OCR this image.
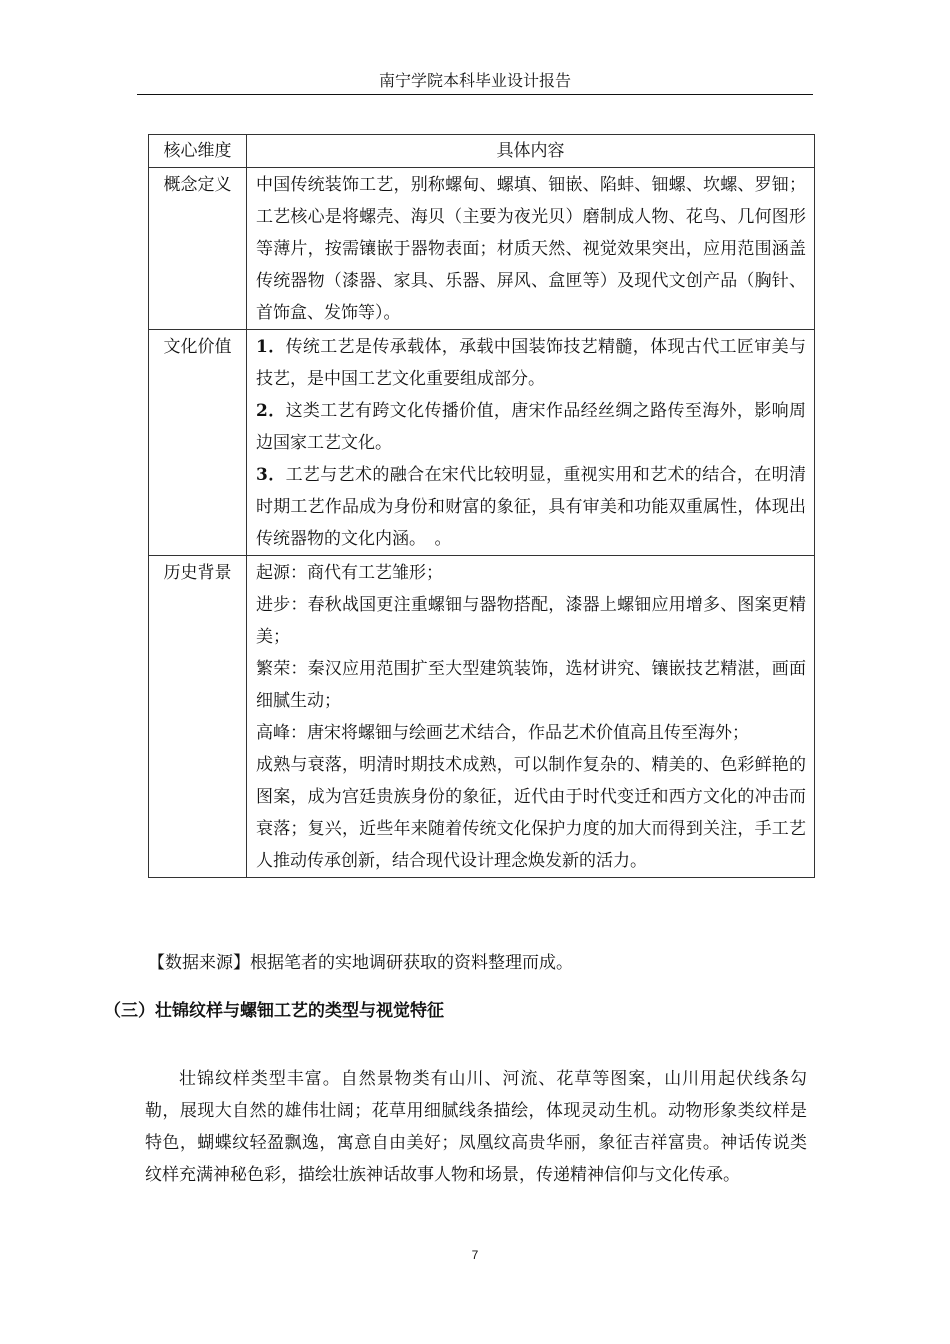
南宁学院本科毕业设计报告
核心维度	具体内容
概念定义	中国传统装饰工艺，别称螺甸、螺填、钿嵌、陷蚌、钿螺、坎螺、罗钿；工艺核心是将螺壳、海贝（主要为夜光贝）磨制成人物、花鸟、几何图形等薄片，按需镶嵌于器物表面；材质天然、视觉效果突出，应用范围涵盖传统器物（漆器、家具、乐器、屏风、盒匣等）及现代文创产品（胸针、首饰盒、发饰等）。

文化价值	1．传统工艺是传承载体，承载中国装饰技艺精髓，体现古代工匠审美与技艺，是中国工艺文化重要组成部分。
2．这类工艺有跨文化传播价值，唐宋作品经丝绸之路传至海外，影响周边国家工艺文化。
3．工艺与艺术的融合在宋代比较明显，重视实用和艺术的结合，在明清时期工艺作品成为身份和财富的象征，具有审美和功能双重属性，体现出传统器物的文化内涵。　。

历史背景	起源：商代有工艺雏形；
进步：春秋战国更注重螺钿与器物搭配，漆器上螺钿应用增多、图案更精美；
繁荣：秦汉应用范围扩至大型建筑装饰，选材讲究、镶嵌技艺精湛，画面细腻生动；
高峰：唐宋将螺钿与绘画艺术结合，作品艺术价值高且传至海外；
成熟与衰落，明清时期技术成熟，可以制作复杂的、精美的、色彩鲜艳的图案，成为宫廷贵族身份的象征，近代由于时代变迁和西方文化的冲击而衰落；复兴，近些年来随着传统文化保护力度的加大而得到关注，手工艺人推动传承创新，结合现代设计理念焕发新的活力。
【数据来源】根据笔者的实地调研获取的资料整理而成。
（三）壮锦纹样与螺钿工艺的类型与视觉特征

壮锦纹样类型丰富。自然景物类有山川、河流、花草等图案，山川用起伏线条勾勒，展现大自然的雄伟壮阔；花草用细腻线条描绘，体现灵动生机。动物形象类纹样是特色，蝴蝶纹轻盈飘逸，寓意自由美好；凤凰纹高贵华丽，象征吉祥富贵。神话传说类纹样充满神秘色彩，描绘壮族神话故事人物和场景，传递精神信仰与文化传承。

7
